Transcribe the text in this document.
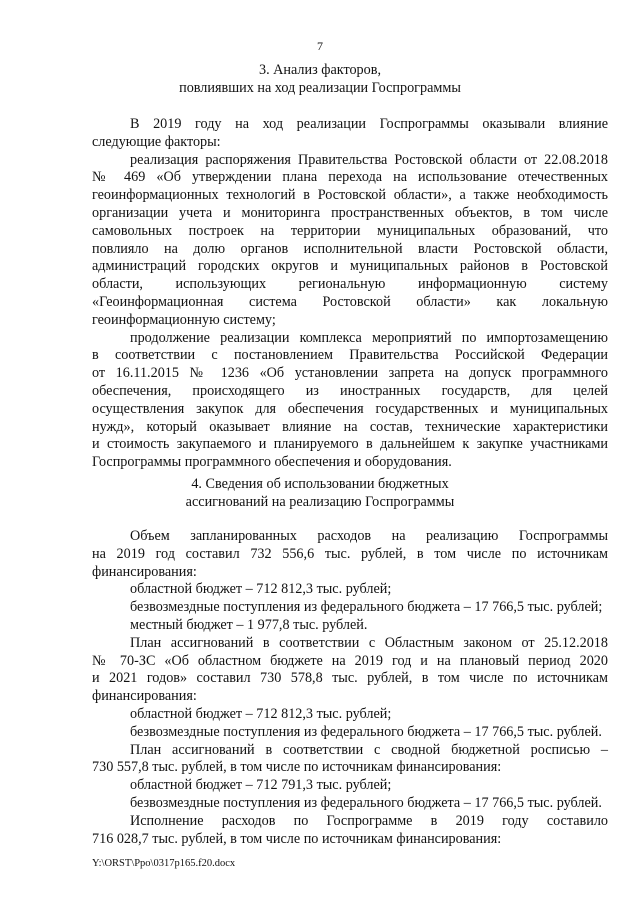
7
3. Анализ факторов,
повлиявших на ход реализации Госпрограммы
В 2019 году на ход реализации Госпрограммы оказывали влияние
следующие факторы:
реализация распоряжения Правительства Ростовской области от 22.08.2018
№ 469 «Об утверждении плана перехода на использование отечественных
геоинформационных технологий в Ростовской области», а также необходимость
организации учета и мониторинга пространственных объектов, в том числе
самовольных построек на территории муниципальных образований, что
повлияло на долю органов исполнительной власти Ростовской области,
администраций городских округов и муниципальных районов в Ростовской
области, использующих региональную информационную систему
«Геоинформационная система Ростовской области» как локальную
геоинформационную систему;
продолжение реализации комплекса мероприятий по импортозамещению
в соответствии с постановлением Правительства Российской Федерации
от 16.11.2015 № 1236 «Об установлении запрета на допуск программного
обеспечения, происходящего из иностранных государств, для целей
осуществления закупок для обеспечения государственных и муниципальных
нужд», который оказывает влияние на состав, технические характеристики
и стоимость закупаемого и планируемого в дальнейшем к закупке участниками
Госпрограммы программного обеспечения и оборудования.
4. Сведения об использовании бюджетных
ассигнований на реализацию Госпрограммы
Объем запланированных расходов на реализацию Госпрограммы
на 2019 год составил 732 556,6 тыс. рублей, в том числе по источникам
финансирования:
областной бюджет – 712 812,3 тыс. рублей;
безвозмездные поступления из федерального бюджета – 17 766,5 тыс. рублей;
местный бюджет – 1 977,8 тыс. рублей.
План ассигнований в соответствии с Областным законом от 25.12.2018
№ 70-ЗС «Об областном бюджете на 2019 год и на плановый период 2020
и 2021 годов» составил 730 578,8 тыс. рублей, в том числе по источникам
финансирования:
областной бюджет – 712 812,3 тыс. рублей;
безвозмездные поступления из федерального бюджета – 17 766,5 тыс. рублей.
План ассигнований в соответствии с сводной бюджетной росписью –
730 557,8 тыс. рублей, в том числе по источникам финансирования:
областной бюджет – 712 791,3 тыс. рублей;
безвозмездные поступления из федерального бюджета – 17 766,5 тыс. рублей.
Исполнение расходов по Госпрограмме в 2019 году составило
716 028,7 тыс. рублей, в том числе по источникам финансирования:
Y:\ORST\Ppo\0317p165.f20.docx
